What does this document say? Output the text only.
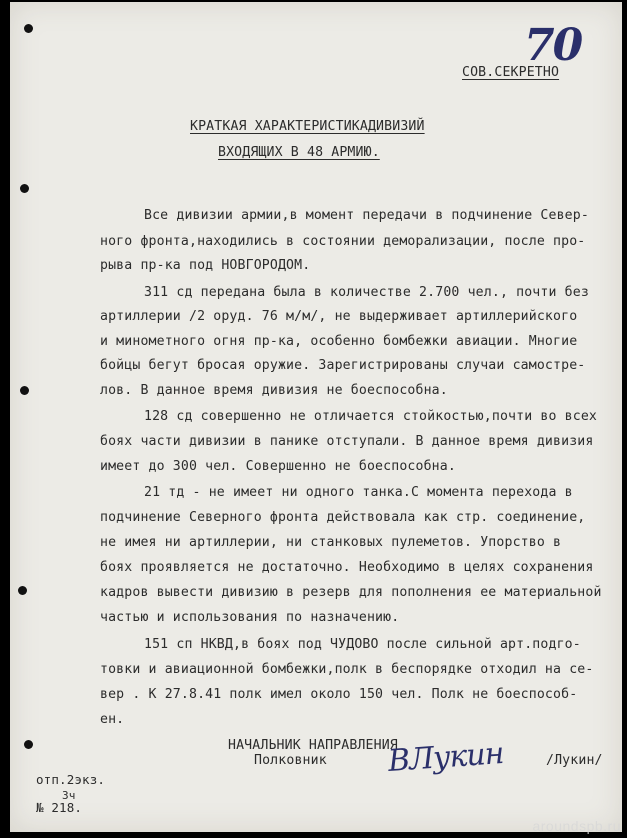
70
СОВ.СЕКРЕТНО
КРАТКАЯ ХАРАКТЕРИСТИКАДИВИЗИЙ
ВХОДЯЩИХ В 48 АРМИЮ.
Все дивизии армии,в момент передачи в подчинение Север-
ного фронта,находились в состоянии деморализации, после про-
рыва пр-ка под НОВГОРОДОМ.
311 сд передана была в количестве 2.700 чел., почти без
артиллерии /2 оруд. 76 м/м/, не выдерживает артиллерийского
и минометного огня пр-ка, особенно бомбежки авиации. Многие
бойцы бегут бросая оружие. Зарегистрированы случаи самостре-
лов. В данное время дивизия не боеспособна.
128 сд совершенно не отличается стойкостью,почти во всех
боях части дивизии в панике отступали. В данное время дивизия
имеет до 300 чел. Совершенно не боеспособна.
21 тд - не имеет ни одного танка.С момента перехода в
подчинение Северного фронта действовала как стр. соединение,
не имея ни артиллерии, ни станковых пулеметов. Упорство в
боях проявляется не достаточно. Необходимо в целях сохранения
кадров вывести дивизию в резерв для пополнения ее материальной
частью и использования по назначению.
151 сп НКВД,в боях под ЧУДОВО после сильной арт.подго-
товки и авиационной бомбежки,полк в беспорядке отходил на се-
вер . К 27.8.41 полк имел около 150 чел. Полк не боеспособ-
ен.
НАЧАЛЬНИК НАПРАВЛЕНИЯ
Полковник ВЛукин	/Лукин/
отп.2экз.
3ч
№ 218.
aroundspb.ru
